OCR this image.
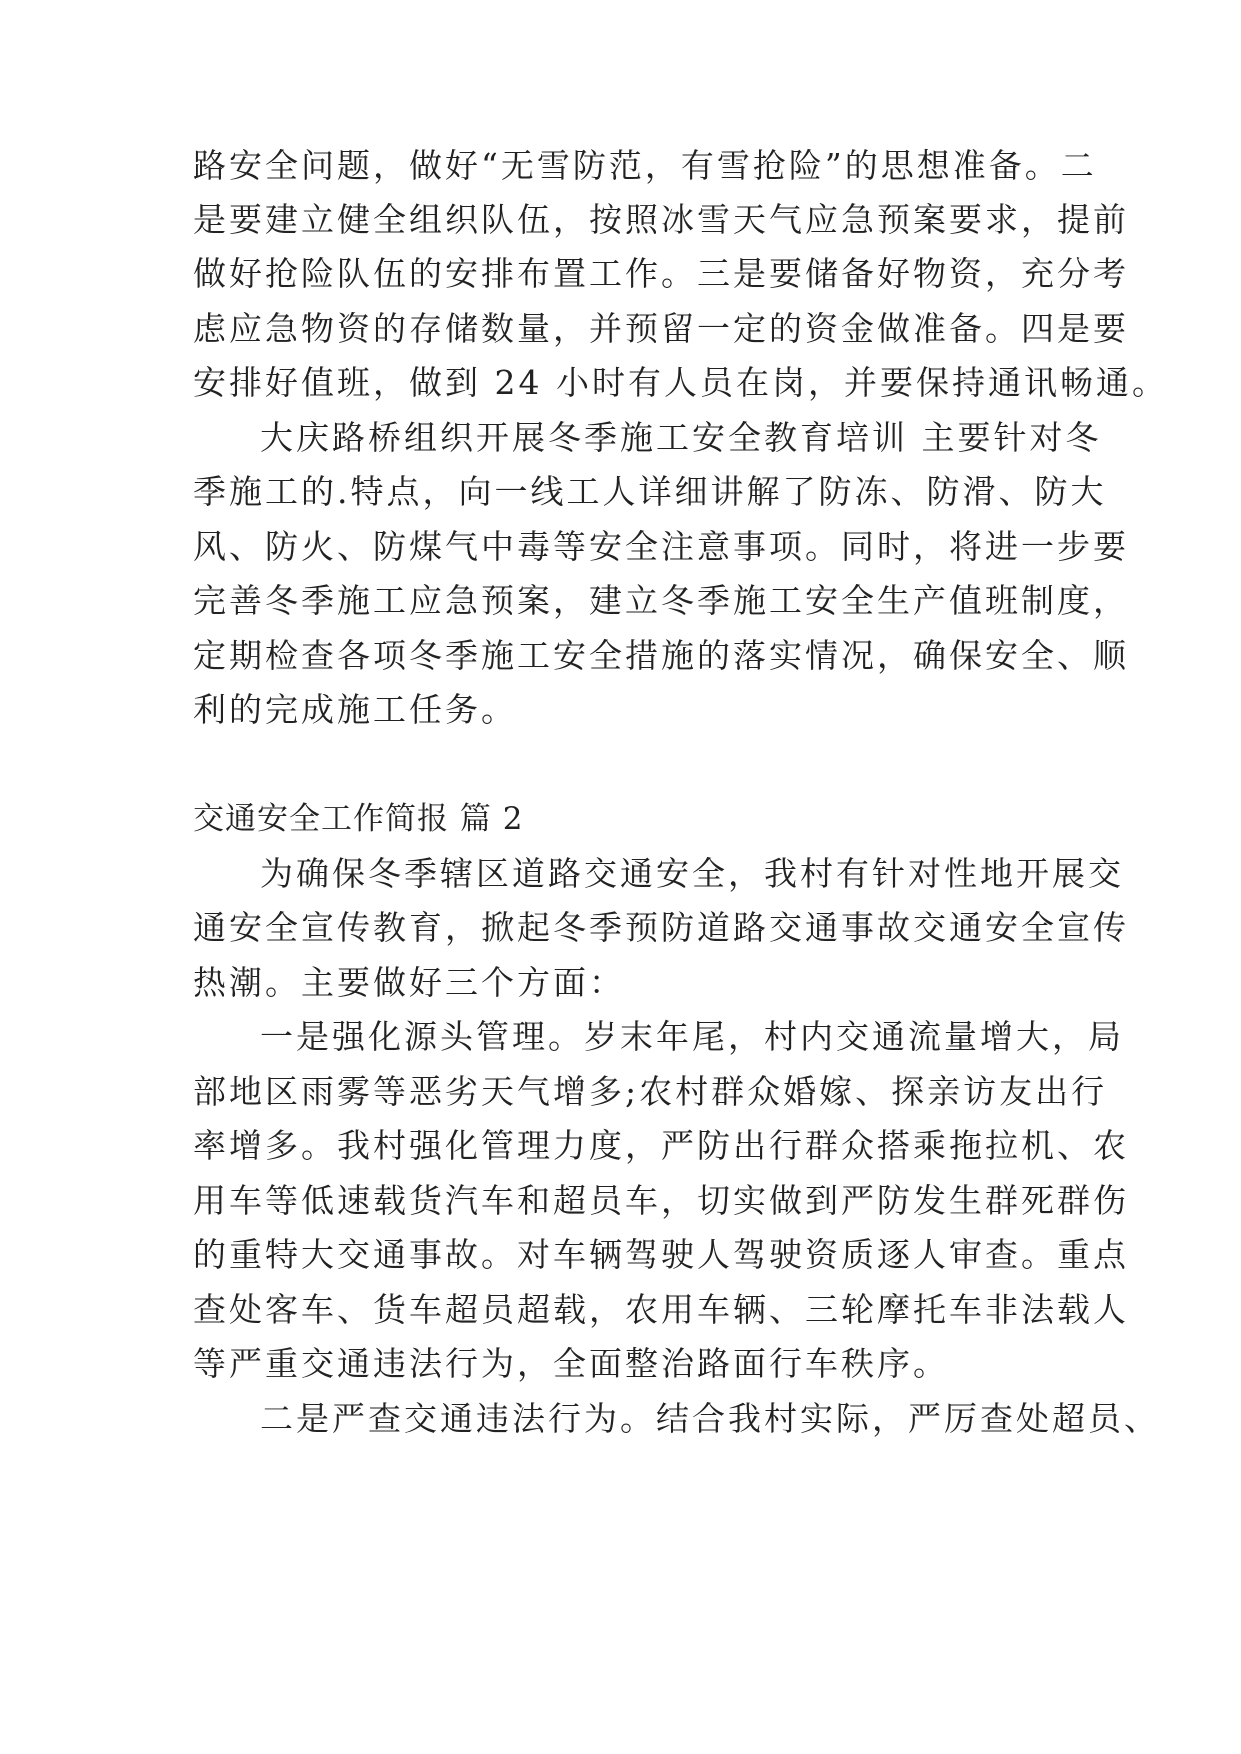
路安全问题，做好“无雪防范，有雪抢险”的思想准备。二
是要建立健全组织队伍，按照冰雪天气应急预案要求，提前
做好抢险队伍的安排布置工作。三是要储备好物资，充分考
虑应急物资的存储数量，并预留一定的资金做准备。四是要
安排好值班，做到 24 小时有人员在岗，并要保持通讯畅通。
大庆路桥组织开展冬季施工安全教育培训 主要针对冬
季施工的.特点，向一线工人详细讲解了防冻、防滑、防大
风、防火、防煤气中毒等安全注意事项。同时，将进一步要
完善冬季施工应急预案，建立冬季施工安全生产值班制度，
定期检查各项冬季施工安全措施的落实情况，确保安全、顺
利的完成施工任务。
交通安全工作简报 篇 2
为确保冬季辖区道路交通安全，我村有针对性地开展交
通安全宣传教育，掀起冬季预防道路交通事故交通安全宣传
热潮。主要做好三个方面：
一是强化源头管理。岁末年尾，村内交通流量增大，局
部地区雨雾等恶劣天气增多;农村群众婚嫁、探亲访友出行
率增多。我村强化管理力度，严防出行群众搭乘拖拉机、农
用车等低速载货汽车和超员车，切实做到严防发生群死群伤
的重特大交通事故。对车辆驾驶人驾驶资质逐人审查。重点
查处客车、货车超员超载，农用车辆、三轮摩托车非法载人
等严重交通违法行为，全面整治路面行车秩序。
二是严查交通违法行为。结合我村实际，严厉查处超员、
